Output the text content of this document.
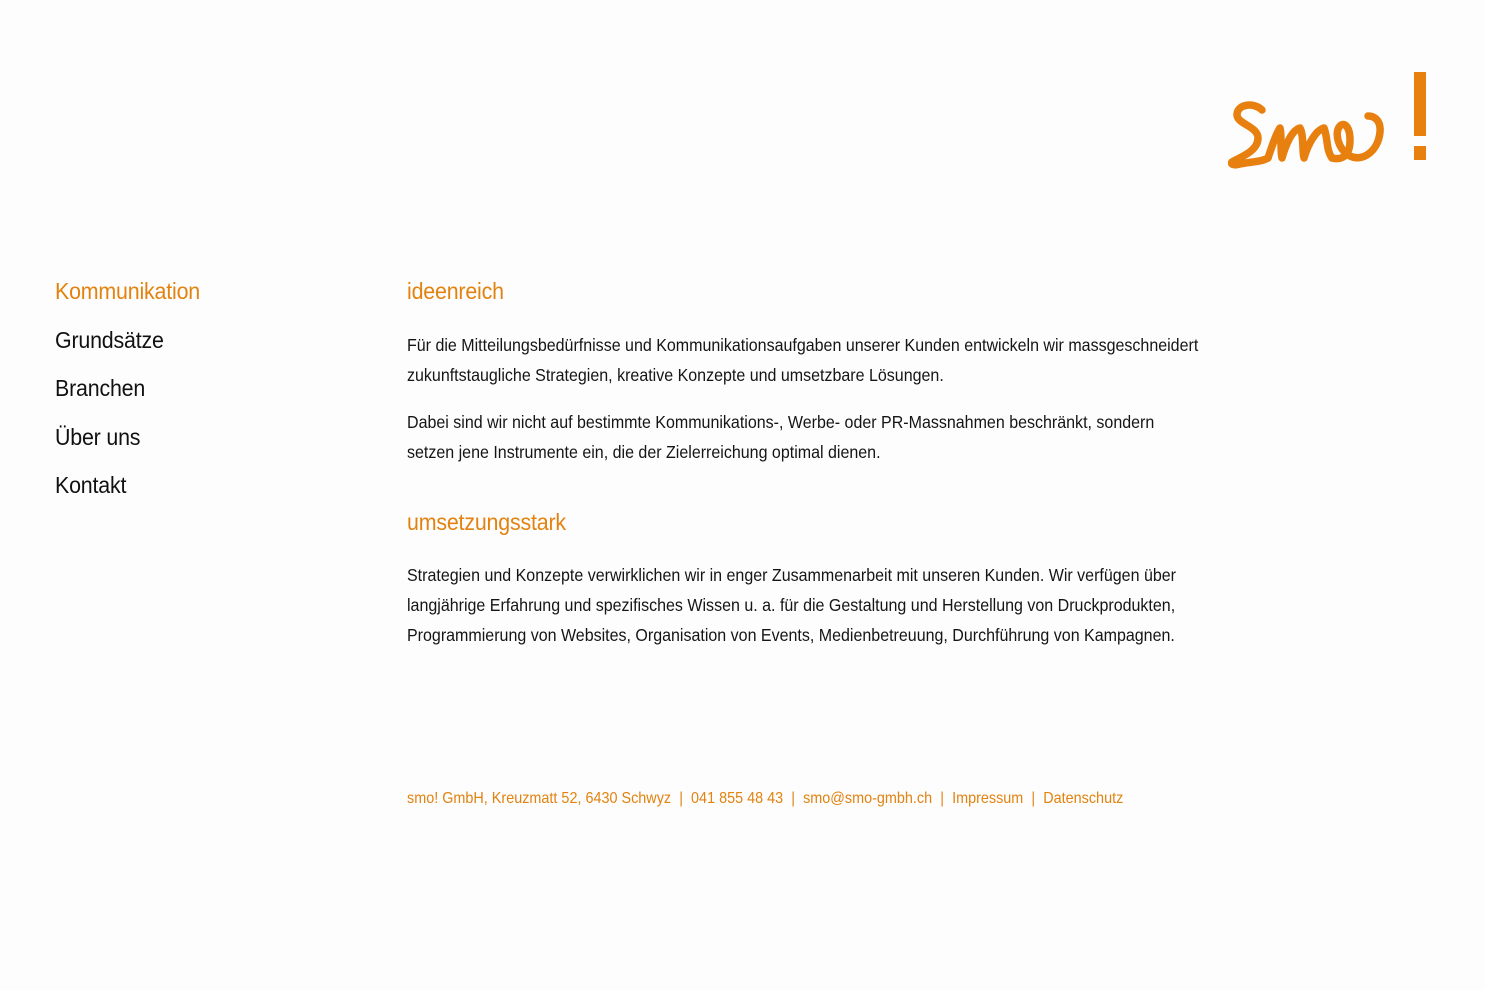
Kommunikation
Grundsätze
Branchen
Über uns
Kontakt
ideenreich

Für die Mitteilungsbedürfnisse und Kommunikationsaufgaben unserer Kunden entwickeln wir massgeschneidert zukunftstaugliche Strategien, kreative Konzepte und umsetzbare Lösungen.

Dabei sind wir nicht auf bestimmte Kommunikations-, Werbe- oder PR-Massnahmen beschränkt, sondern setzen jene Instrumente ein, die der Zielerreichung optimal dienen.

umsetzungsstark

Strategien und Konzepte verwirklichen wir in enger Zusammenarbeit mit unseren Kunden. Wir verfügen über langjährige Erfahrung und spezifisches Wissen u. a. für die Gestaltung und Herstellung von Druckprodukten, Programmierung von Websites, Organisation von Events, Medienbetreuung, Durchführung von Kampagnen.

smo! GmbH, Kreuzmatt 52, 6430 Schwyz | 041 855 48 43 | smo@smo-gmbh.ch | Impressum | Datenschutz
